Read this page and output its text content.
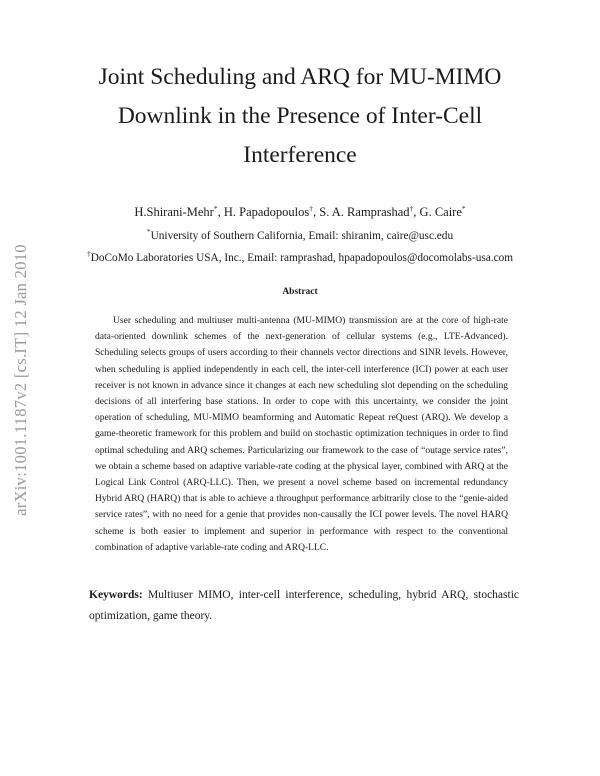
arXiv:1001.1187v2 [cs.IT] 12 Jan 2010
Joint Scheduling and ARQ for MU-MIMO
Downlink in the Presence of Inter-Cell
Interference
H.Shirani-Mehr*, H. Papadopoulos†, S. A. Ramprashad†, G. Caire*
*University of Southern California, Email: shiranim, caire@usc.edu
†DoCoMo Laboratories USA, Inc., Email: ramprashad, hpapadopoulos@docomolabs-usa.com
Abstract

User scheduling and multiuser multi-antenna (MU-MIMO) transmission are at the core of high-rate data-oriented downlink schemes of the next-generation of cellular systems (e.g., LTE-Advanced). Scheduling selects groups of users according to their channels vector directions and SINR levels. However, when scheduling is applied independently in each cell, the inter-cell interference (ICI) power at each user receiver is not known in advance since it changes at each new scheduling slot depending on the scheduling decisions of all interfering base stations. In order to cope with this uncertainty, we consider the joint operation of scheduling, MU-MIMO beamforming and Automatic Repeat reQuest (ARQ). We develop a game-theoretic framework for this problem and build on stochastic optimization techniques in order to find optimal scheduling and ARQ schemes. Particularizing our framework to the case of “outage service rates”, we obtain a scheme based on adaptive variable-rate coding at the physical layer, combined with ARQ at the Logical Link Control (ARQ-LLC). Then, we present a novel scheme based on incremental redundancy Hybrid ARQ (HARQ) that is able to achieve a throughput performance arbitrarily close to the “genie-aided service rates”, with no need for a genie that provides non-causally the ICI power levels. The novel HARQ scheme is both easier to implement and superior in performance with respect to the conventional combination of adaptive variable-rate coding and ARQ-LLC.

Keywords: Multiuser MIMO, inter-cell interference, scheduling, hybrid ARQ, stochastic optimization, game theory.
